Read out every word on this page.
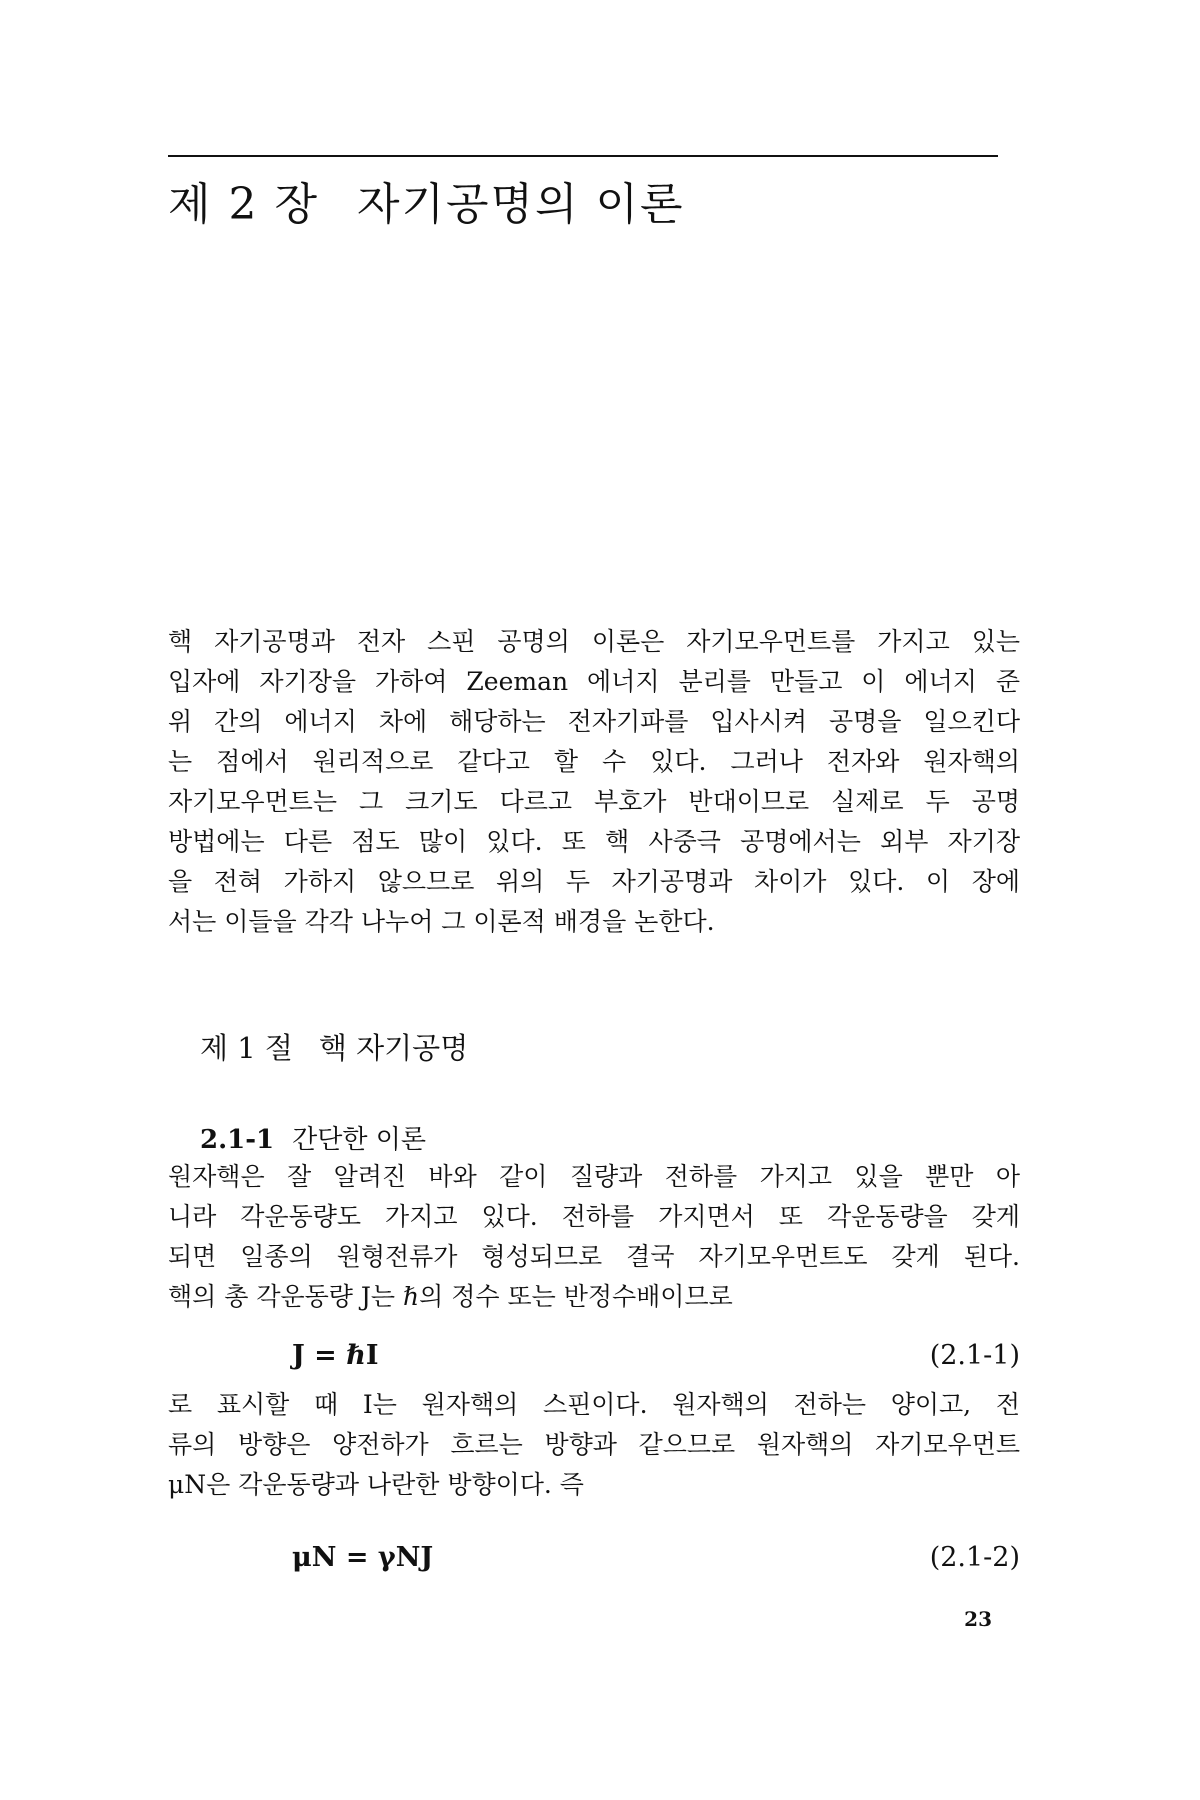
제 2 장 자기공명의 이론
핵 자기공명과 전자 스핀 공명의 이론은 자기모우먼트를 가지고 있는
입자에 자기장을 가하여 Zeeman 에너지 분리를 만들고 이 에너지 준
위 간의 에너지 차에 해당하는 전자기파를 입사시켜 공명을 일으킨다
는 점에서 원리적으로 같다고 할 수 있다. 그러나 전자와 원자핵의
자기모우먼트는 그 크기도 다르고 부호가 반대이므로 실제로 두 공명
방법에는 다른 점도 많이 있다. 또 핵 사중극 공명에서는 외부 자기장
을 전혀 가하지 않으므로 위의 두 자기공명과 차이가 있다. 이 장에
서는 이들을 각각 나누어 그 이론적 배경을 논한다.
제 1 절 핵 자기공명
2.1-1 간단한 이론
원자핵은 잘 알려진 바와 같이 질량과 전하를 가지고 있을 뿐만 아
니라 각운동량도 가지고 있다. 전하를 가지면서 또 각운동량을 갖게
되면 일종의 원형전류가 형성되므로 결국 자기모우먼트도 갖게 된다.
핵의 총 각운동량 J는 ℏ의 정수 또는 반정수배이므로
J = ℏI	(2.1-1)
로 표시할 때 I는 원자핵의 스핀이다. 원자핵의 전하는 양이고, 전
류의 방향은 양전하가 흐르는 방향과 같으므로 원자핵의 자기모우먼트
μN은 각운동량과 나란한 방향이다. 즉
μN = γNJ	(2.1-2)
23
